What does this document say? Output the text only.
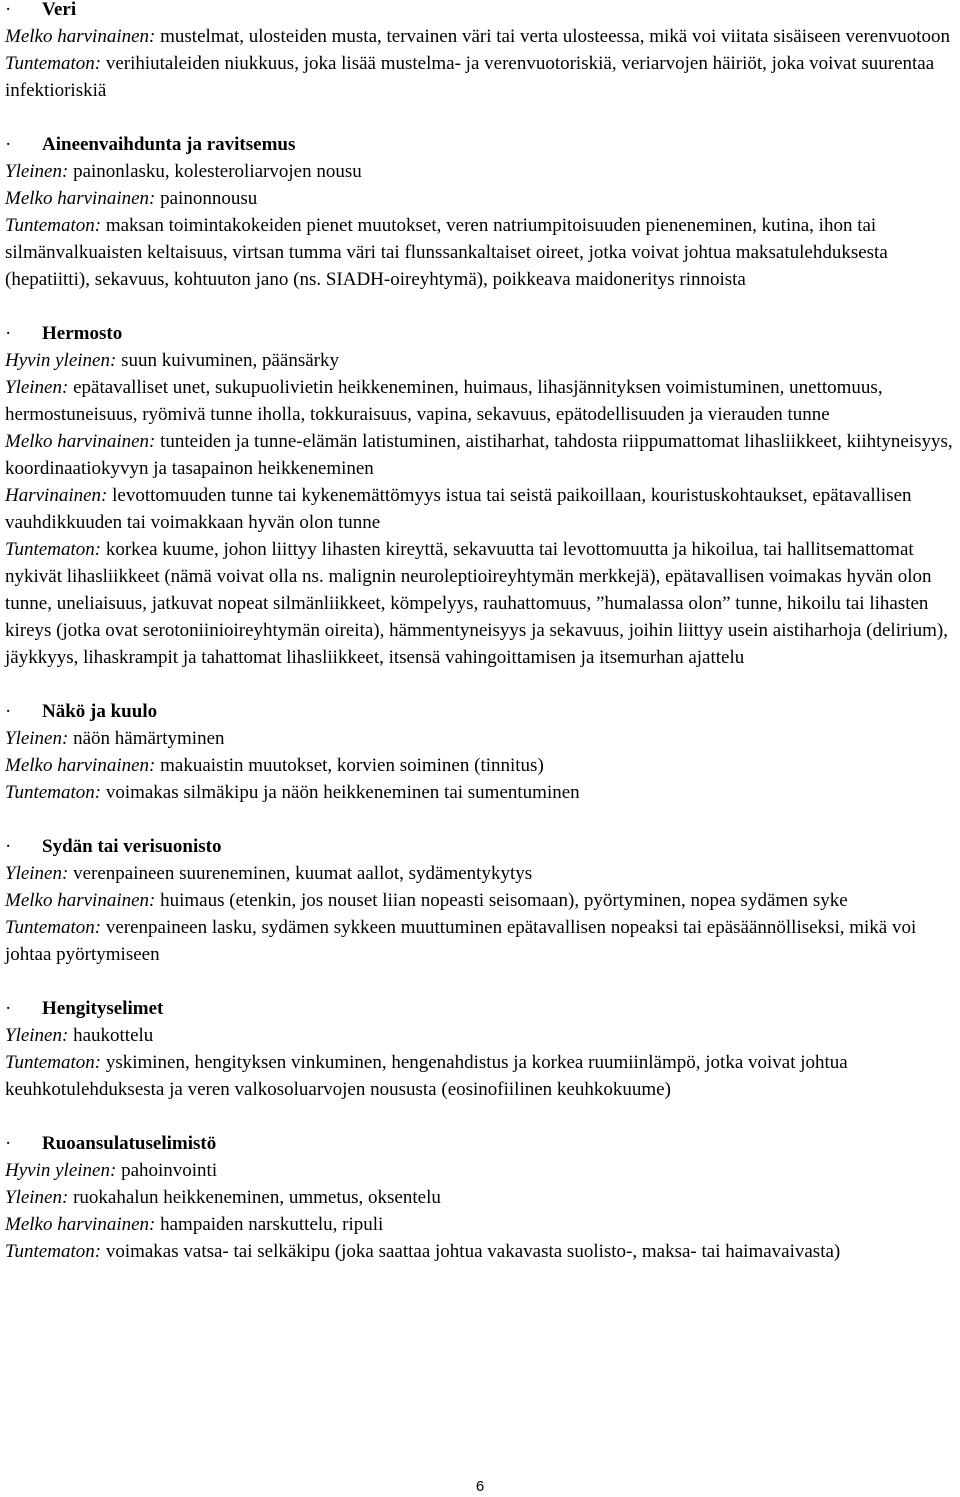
· Veri

Melko harvinainen: mustelmat, ulosteiden musta, tervainen väri tai verta ulosteessa, mikä voi viitata sisäiseen verenvuotoon

Tuntematon: verihiutaleiden niukkuus, joka lisää mustelma- ja verenvuotoriskiä, veriarvojen häiriöt, joka voivat suurentaa infektioriskiä

· Aineenvaihdunta ja ravitsemus

Yleinen: painonlasku, kolesteroliarvojen nousu

Melko harvinainen: painonnousu

Tuntematon: maksan toimintakokeiden pienet muutokset, veren natriumpitoisuuden pieneneminen, kutina, ihon tai silmänvalkuaisten keltaisuus, virtsan tumma väri tai flunssankaltaiset oireet, jotka voivat johtua maksatulehduksesta (hepatiitti), sekavuus, kohtuuton jano (ns. SIADH-oireyhtymä), poikkeava maidoneritys rinnoista

· Hermosto

Hyvin yleinen: suun kuivuminen, päänsärky

Yleinen: epätavalliset unet, sukupuolivietin heikkeneminen, huimaus, lihasjännityksen voimistuminen, unettomuus, hermostuneisuus, ryömivä tunne iholla, tokkuraisuus, vapina, sekavuus, epätodellisuuden ja vierauden tunne

Melko harvinainen: tunteiden ja tunne-elämän latistuminen, aistiharhat, tahdosta riippumattomat lihasliikkeet, kiihtyneisyys, koordinaatiokyvyn ja tasapainon heikkeneminen

Harvinainen: levottomuuden tunne tai kykenemättömyys istua tai seistä paikoillaan, kouristuskohtaukset, epätavallisen vauhdikkuuden tai voimakkaan hyvän olon tunne

Tuntematon: korkea kuume, johon liittyy lihasten kireyttä, sekavuutta tai levottomuutta ja hikoilua, tai hallitsemattomat nykivät lihasliikkeet (nämä voivat olla ns. malignin neuroleptioireyhtymän merkkejä), epätavallisen voimakas hyvän olon tunne, uneliaisuus, jatkuvat nopeat silmänliikkeet, kömpelyys, rauhattomuus, ”humalassa olon” tunne, hikoilu tai lihasten kireys (jotka ovat serotoniinioireyhtymän oireita), hämmentyneisyys ja sekavuus, joihin liittyy usein aistiharhoja (delirium), jäykkyys, lihaskrampit ja tahattomat lihasliikkeet, itsensä vahingoittamisen ja itsemurhan ajattelu

· Näkö ja kuulo

Yleinen: näön hämärtyminen

Melko harvinainen: makuaistin muutokset, korvien soiminen (tinnitus)

Tuntematon: voimakas silmäkipu ja näön heikkeneminen tai sumentuminen

· Sydän tai verisuonisto

Yleinen: verenpaineen suureneminen, kuumat aallot, sydämentykytys

Melko harvinainen: huimaus (etenkin, jos nouset liian nopeasti seisomaan), pyörtyminen, nopea sydämen syke

Tuntematon: verenpaineen lasku, sydämen sykkeen muuttuminen epätavallisen nopeaksi tai epäsäännölliseksi, mikä voi johtaa pyörtymiseen

· Hengityselimet

Yleinen: haukottelu

Tuntematon: yskiminen, hengityksen vinkuminen, hengenahdistus ja korkea ruumiinlämpö, jotka voivat johtua keuhkotulehduksesta ja veren valkosoluarvojen noususta (eosinofiilinen keuhkokuume)

· Ruoansulatuselimistö

Hyvin yleinen: pahoinvointi

Yleinen: ruokahalun heikkeneminen, ummetus, oksentelu

Melko harvinainen: hampaiden narskuttelu, ripuli

Tuntematon: voimakas vatsa- tai selkäkipu (joka saattaa johtua vakavasta suolisto-, maksa- tai haimavaivasta)

6
